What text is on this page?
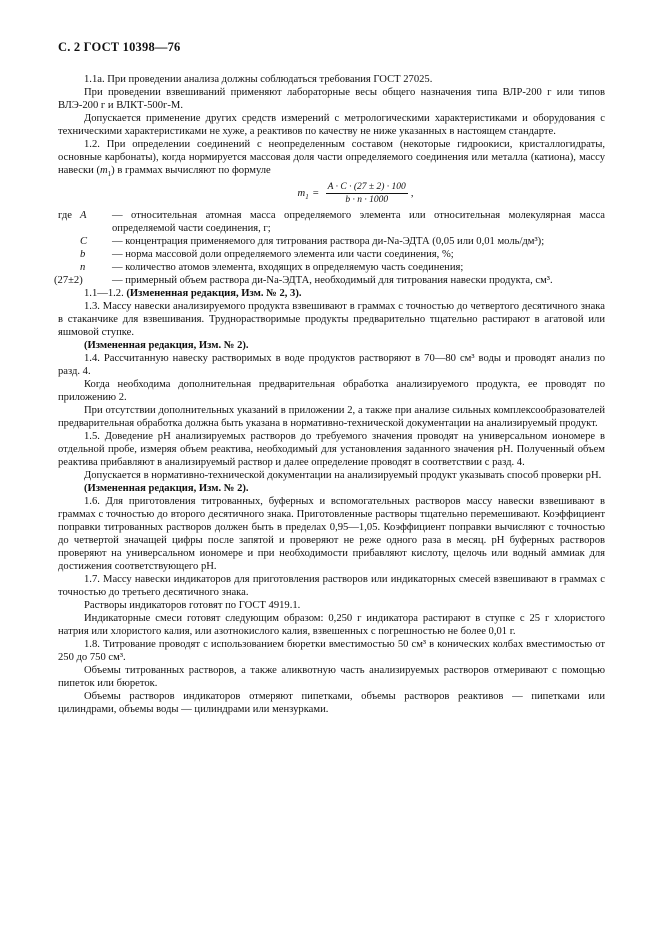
С. 2 ГОСТ 10398—76

1.1а. При проведении анализа должны соблюдаться требования ГОСТ 27025.

При проведении взвешиваний применяют лабораторные весы общего назначения типа ВЛР-200 г или типов ВЛЭ-200 г и ВЛКТ-500г-М.

Допускается применение других средств измерений с метрологическими характеристиками и оборудования с техническими характеристиками не хуже, а реактивов по качеству не ниже указанных в настоящем стандарте.

1.2. При определении соединений с неопределенным составом (некоторые гидроокиси, кристаллогидраты, основные карбонаты), когда нормируется массовая доля части определяемого соединения или металла (катиона), массу навески $(m_1)$ в граммах вычисляют по формуле

$m_1 = \frac{A \cdot C \cdot (27 \pm 2) \cdot 100}{b \cdot n \cdot 1000}$ ,
где A	— относительная атомная масса определяемого элемента или относительная молекулярная масса определяемой части соединения, г;
C	— концентрация применяемого для титрования раствора ди-Na-ЭДТА (0,05 или 0,01 моль/дм³);
b	— норма массовой доли определяемого элемента или части соединения, %;
n	— количество атомов элемента, входящих в определяемую часть соединения;
(27±2)	— примерный объем раствора ди-Na-ЭДТА, необходимый для титрования навески продукта, см³.

1.1—1.2. (Измененная редакция, Изм. № 2, 3).

1.3. Массу навески анализируемого продукта взвешивают в граммах с точностью до четвертого десятичного знака в стаканчике для взвешивания. Труднорастворимые продукты предварительно тщательно растирают в агатовой или яшмовой ступке.

(Измененная редакция, Изм. № 2).

1.4. Рассчитанную навеску растворимых в воде продуктов растворяют в 70—80 см³ воды и проводят анализ по разд. 4.

Когда необходима дополнительная предварительная обработка анализируемого продукта, ее проводят по приложению 2.

При отсутствии дополнительных указаний в приложении 2, а также при анализе сильных комплексообразователей предварительная обработка должна быть указана в нормативно-технической документации на анализируемый продукт.

1.5. Доведение pH анализируемых растворов до требуемого значения проводят на универсальном иономере в отдельной пробе, измеряя объем реактива, необходимый для установления заданного значения pH. Полученный объем реактива прибавляют в анализируемый раствор и далее определение проводят в соответствии с разд. 4.

Допускается в нормативно-технической документации на анализируемый продукт указывать способ проверки pH.

(Измененная редакция, Изм. № 2).

1.6. Для приготовления титрованных, буферных и вспомогательных растворов массу навески взвешивают в граммах с точностью до второго десятичного знака. Приготовленные растворы тщательно перемешивают. Коэффициент поправки титрованных растворов должен быть в пределах 0,95—1,05. Коэффициент поправки вычисляют с точностью до четвертой значащей цифры после запятой и проверяют не реже одного раза в месяц. pH буферных растворов проверяют на универсальном иономере и при необходимости прибавляют кислоту, щелочь или водный аммиак для достижения соответствующего pH.

1.7. Массу навески индикаторов для приготовления растворов или индикаторных смесей взвешивают в граммах с точностью до третьего десятичного знака.

Растворы индикаторов готовят по ГОСТ 4919.1.

Индикаторные смеси готовят следующим образом: 0,250 г индикатора растирают в ступке с 25 г хлористого натрия или хлористого калия, или азотнокислого калия, взвешенных с погрешностью не более 0,01 г.

1.8. Титрование проводят с использованием бюретки вместимостью 50 см³ в конических колбах вместимостью от 250 до 750 см³.

Объемы титрованных растворов, а также аликвотную часть анализируемых растворов отмеривают с помощью пипеток или бюреток.

Объемы растворов индикаторов отмеряют пипетками, объемы растворов реактивов — пипетками или цилиндрами, объемы воды — цилиндрами или мензурками.
